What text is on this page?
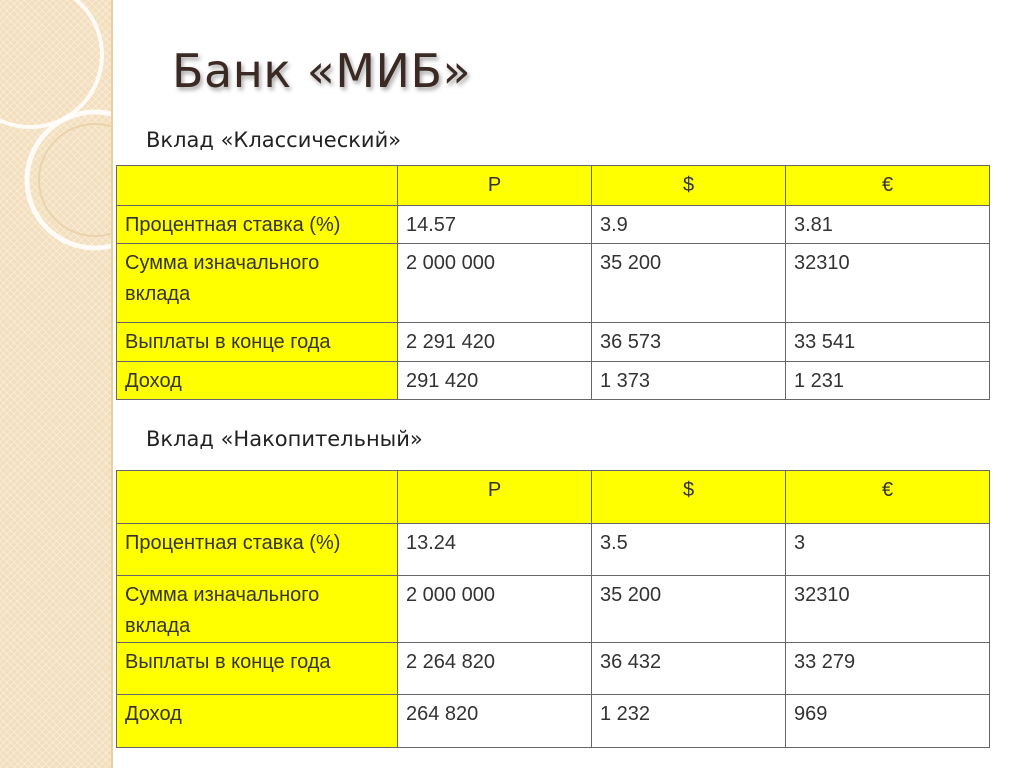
Банк «МИБ»
Вклад «Классический»
	Р	$	€
Процентная ставка (%)	14.57	3.9	3.81
Сумма изначального вклада	2 000 000	35 200	32310
Выплаты в конце года	2 291 420	36 573	33 541
Доход	291 420	1 373	1 231
Вклад «Накопительный»
	Р	$	€
Процентная ставка (%)	13.24	3.5	3
Сумма изначального вклада	2 000 000	35 200	32310
Выплаты в конце года	2 264 820	36 432	33 279
Доход	264 820	1 232	969
